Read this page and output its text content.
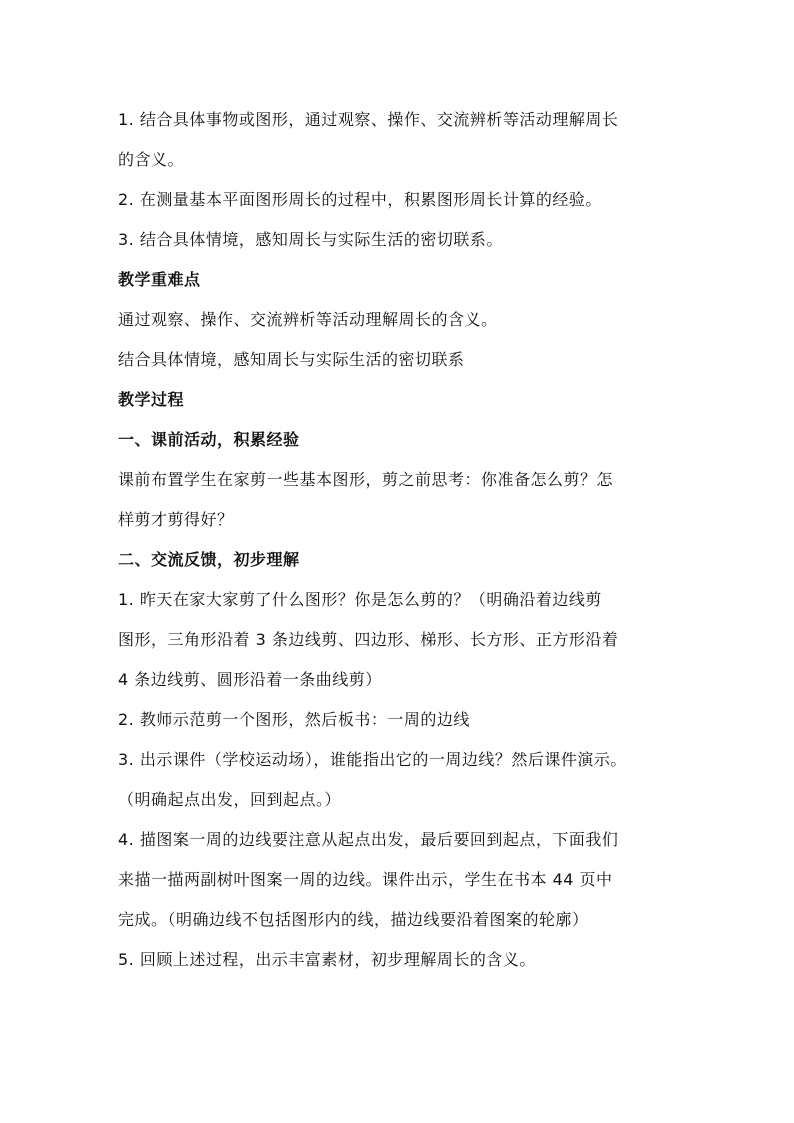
1. 结合具体事物或图形，通过观察、操作、交流辨析等活动理解周长
的含义。
2. 在测量基本平面图形周长的过程中，积累图形周长计算的经验。
3. 结合具体情境，感知周长与实际生活的密切联系。
教学重难点
通过观察、操作、交流辨析等活动理解周长的含义。
结合具体情境，感知周长与实际生活的密切联系
教学过程
一、课前活动，积累经验
课前布置学生在家剪一些基本图形，剪之前思考：你准备怎么剪？怎
样剪才剪得好？
二、交流反馈，初步理解
1. 昨天在家大家剪了什么图形？你是怎么剪的？（明确沿着边线剪
图形，三角形沿着 3 条边线剪、四边形、梯形、长方形、正方形沿着
4 条边线剪、圆形沿着一条曲线剪）
2. 教师示范剪一个图形，然后板书：一周的边线
3. 出示课件（学校运动场），谁能指出它的一周边线？然后课件演示。
（明确起点出发，回到起点。）
4. 描图案一周的边线要注意从起点出发，最后要回到起点，下面我们
来描一描两副树叶图案一周的边线。课件出示，学生在书本 44 页中
完成。（明确边线不包括图形内的线，描边线要沿着图案的轮廓）
5. 回顾上述过程，出示丰富素材，初步理解周长的含义。
